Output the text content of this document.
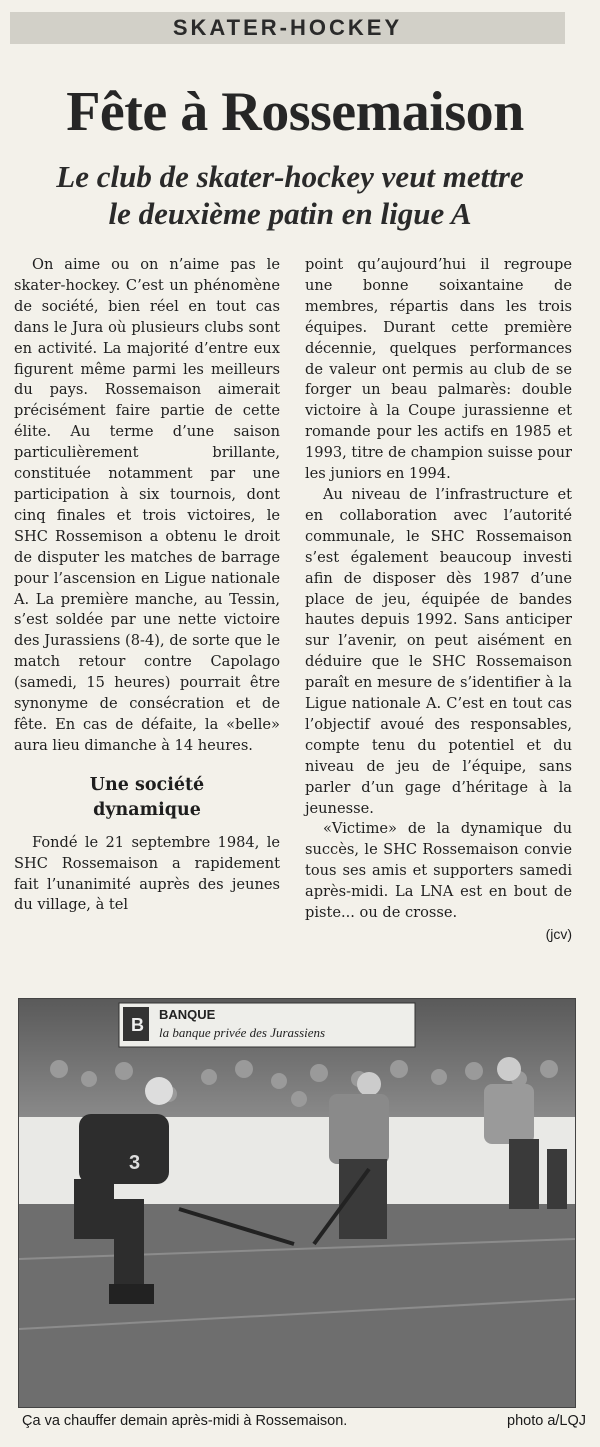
SKATER-HOCKEY
Fête à Rossemaison
Le club de skater-hockey veut mettre
le deuxième patin en ligue A

On aime ou on n’aime pas le skater-hockey. C’est un phénomène de société, bien réel en tout cas dans le Jura où plusieurs clubs sont en activité. La majorité d’entre eux figurent même parmi les meilleurs du pays. Rossemaison aimerait précisément faire partie de cette élite. Au terme d’une saison particulièrement brillante, constituée notamment par une participation à six tournois, dont cinq finales et trois victoires, le SHC Rossemison a obtenu le droit de disputer les matches de barrage pour l’ascension en Ligue nationale A. La première manche, au Tessin, s’est soldée par une nette victoire des Jurassiens (8-4), de sorte que le match retour contre Capolago (samedi, 15 heures) pourrait être synonyme de consécration et de fête. En cas de défaite, la «belle» aura lieu dimanche à 14 heures.

Une société
dynamique

Fondé le 21 septembre 1984, le SHC Rossemaison a rapidement fait l’unanimité auprès des jeunes du village, à tel

point qu’aujourd’hui il regroupe une bonne soixantaine de membres, répartis dans les trois équipes. Durant cette première décennie, quelques performances de valeur ont permis au club de se forger un beau palmarès: double victoire à la Coupe jurassienne et romande pour les actifs en 1985 et 1993, titre de champion suisse pour les juniors en 1994.

Au niveau de l’infrastructure et en collaboration avec l’autorité communale, le SHC Rossemaison s’est également beaucoup investi afin de disposer dès 1987 d’une place de jeu, équipée de bandes hautes depuis 1992. Sans anticiper sur l’avenir, on peut aisément en déduire que le SHC Rossemaison paraît en mesure de s’identifier à la Ligue nationale A. C’est en tout cas l’objectif avoué des responsables, compte tenu du potentiel et du niveau de jeu de l’équipe, sans parler d’un gage d’héritage à la jeunesse.

«Victime» de la dynamique du succès, le SHC Rossemaison convie tous ses amis et supporters samedi après-midi. La LNA est en bout de piste... ou de crosse.

(jcv)
B
BANQUE
la banque privée des Jurassiens
3
Ça va chauffer demain après-midi à Rossemaison.	photo a/LQJ
